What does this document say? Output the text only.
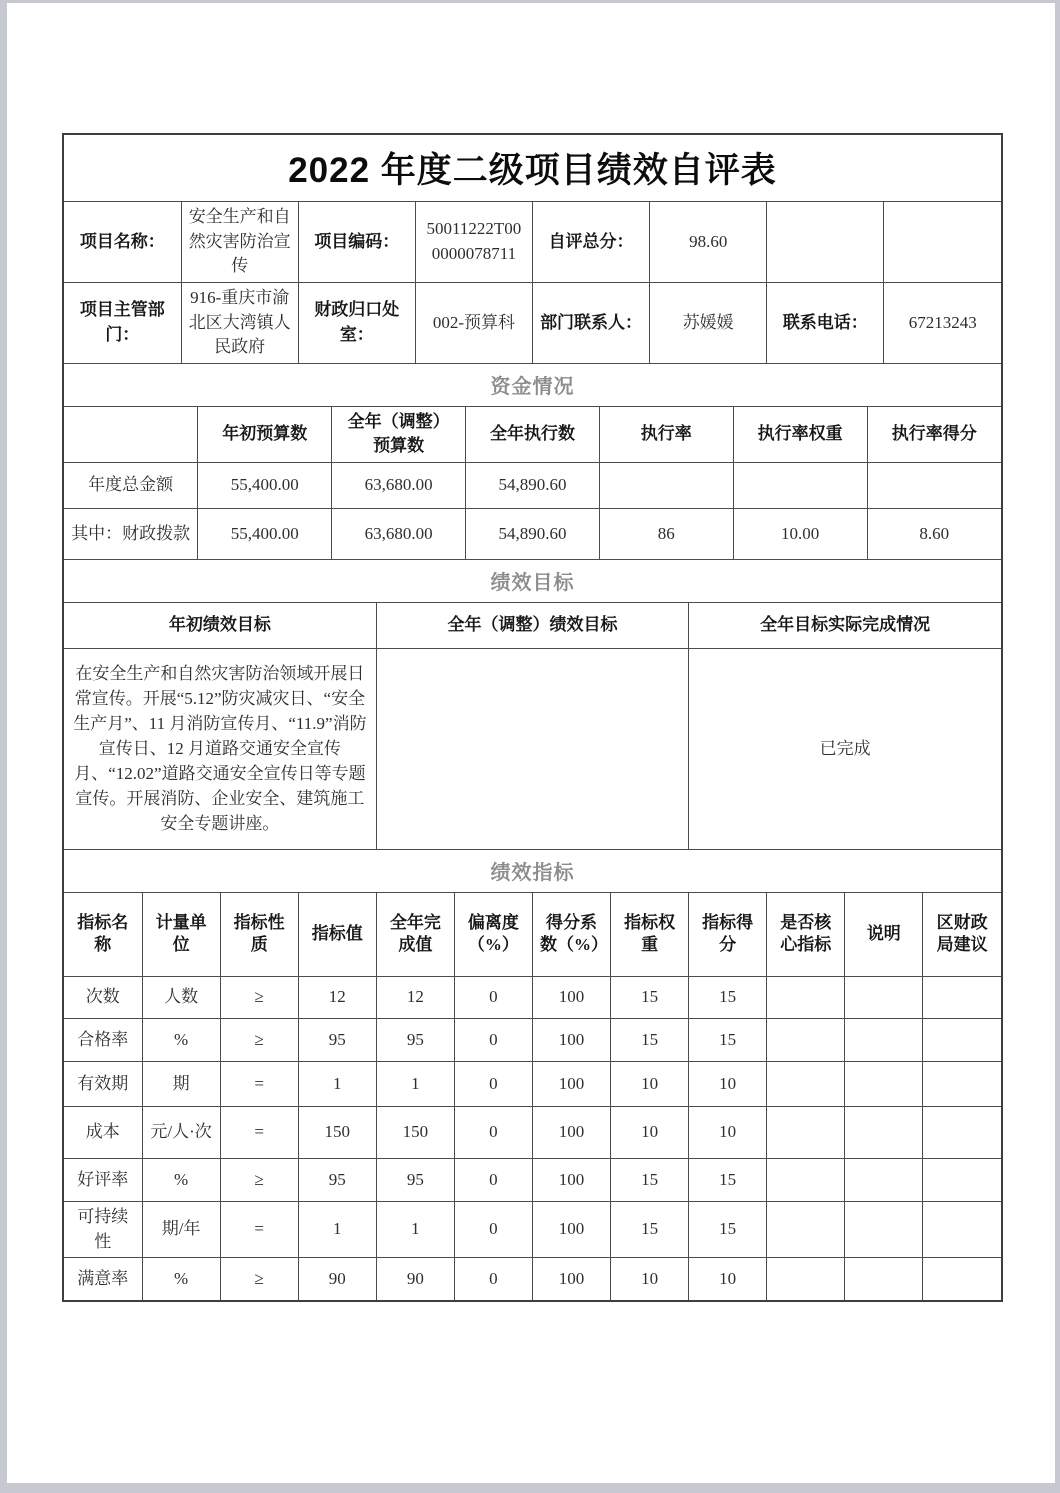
2022 年度二级项目绩效自评表
项目名称：	安全生产和自然灾害防治宣传	项目编码：	50011222T000000078711	自评总分：	98.60		
项目主管部门：	916-重庆市渝北区大湾镇人民政府	财政归口处室：	002-预算科	部门联系人：	苏媛媛	联系电话：	67213243
资金情况
	年初预算数	全年（调整）预算数	全年执行数	执行率	执行率权重	执行率得分
年度总金额	55,400.00	63,680.00	54,890.60			
其中：财政拨款	55,400.00	63,680.00	54,890.60	86	10.00	8.60
绩效目标
年初绩效目标	全年（调整）绩效目标	全年目标实际完成情况
在安全生产和自然灾害防治领域开展日常宣传。开展“5.12”防灾减灾日、“安全生产月”、11 月消防宣传月、“11.9”消防宣传日、12 月道路交通安全宣传月、“12.02”道路交通安全宣传日等专题宣传。开展消防、企业安全、建筑施工安全专题讲座。		已完成
绩效指标
指标名称	计量单位	指标性质	指标值	全年完成值	偏离度（%）	得分系数（%）	指标权重	指标得分	是否核心指标	说明	区财政局建议
次数	人数	≥	12	12	0	100	15	15			
合格率	%	≥	95	95	0	100	15	15			
有效期	期	=	1	1	0	100	10	10			
成本	元/人·次	=	150	150	0	100	10	10			
好评率	%	≥	95	95	0	100	15	15			
可持续性	期/年	=	1	1	0	100	15	15			
满意率	%	≥	90	90	0	100	10	10			
